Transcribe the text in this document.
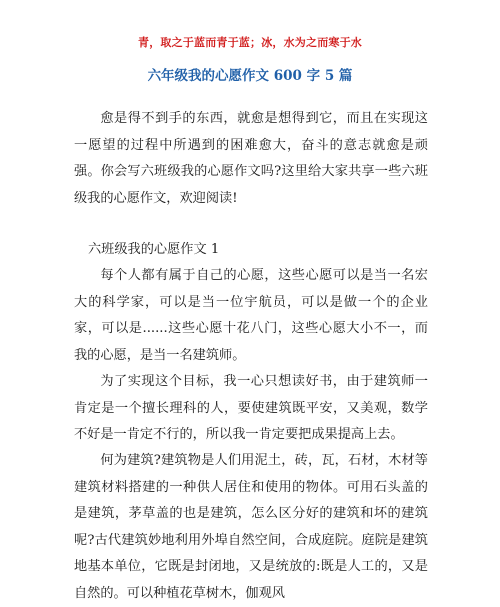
青，取之于蓝而青于蓝；冰，水为之而寒于水
六年级我的心愿作文 600 字 5 篇

愈是得不到手的东西，就愈是想得到它，而且在实现这一愿望的过程中所遇到的困难愈大，奋斗的意志就愈是顽强。你会写六班级我的心愿作文吗?这里给大家共享一些六班级我的心愿作文，欢迎阅读!

六班级我的心愿作文 1

每个人都有属于自己的心愿，这些心愿可以是当一名宏大的科学家，可以是当一位宇航员，可以是做一个的企业家，可以是......这些心愿十花八门，这些心愿大小不一，而我的心愿，是当一名建筑师。

为了实现这个目标，我一心只想读好书，由于建筑师一肯定是一个擅长理科的人，要使建筑既平安，又美观，数学不好是一肯定不行的，所以我一肯定要把成果提高上去。

何为建筑?建筑物是人们用泥土，砖，瓦，石材，木材等建筑材料搭建的一种供人居住和使用的物体。可用石头盖的是建筑，茅草盖的也是建筑，怎么区分好的建筑和坏的建筑呢?古代建筑妙地利用外埠自然空间，合成庭院。庭院是建筑地基本单位，它既是封闭地，又是统放的:既是人工的，又是自然的。可以种植花草树木，伽观风
